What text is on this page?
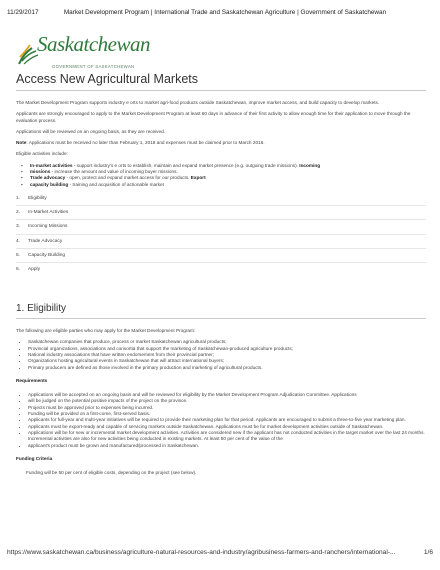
11/29/2017	Market Development Program | International Trade and Saskatchewan Agriculture | Government of Saskatchewan
Saskatchewan
GOVERNMENT OF SASKATCHEWAN
Access New Agricultural Markets

The Market Development Program supports industry e orts to market agri-food products outside Saskatchewan, improve market access, and build capacity to develop markets.

Applicants are strongly encouraged to apply to the Market Development Program at least 60 days in advance of their first activity to allow enough time for their application to move through the evaluation process.

Applications will be reviewed on an ongoing basis, as they are received.

Note: Applications must be received no later than February 1, 2018 and expenses must be claimed prior to March 2018.

Eligible activities include:

▪ In-market activities - support industry's e orts to establish, maintain and expand market presence (e.g. outgoing trade missions). Incoming
▪ missions - increase the amount and value of incoming buyer missions.
▪ Trade advocacy - open, protect and expand market access for our products. Export
▪ capacity building - training and acquisition of actionable market
1. Eligibility
2. In-Market Activities
3. Incoming Missions
4. Trade Advocacy
5. Capacity Building
6. Apply
1. Eligibility

The following are eligible parties who may apply for the Market Development Program:

• Saskatchewan companies that produce, process or market Saskatchewan agricultural products;
• Provincial organizations, associations and consortia that support the marketing of Saskatchewan-produced agriculture products;
• National industry associations that have written endorsement from their provincial partner;
• Organizations hosting agricultural events in Saskatchewan that will attract international buyers;
• Primary producers are defined as those involved in the primary production and marketing of agricultural products.
Requirements
• Applications will be accepted on an ongoing basis and will be reviewed for eligibility by the Market Development Program Adjudication Committee. Applications
• will be judged on the potential positive impacts of the project on the province.
• Projects must be approved prior to expenses being incurred.
• Funding will be provided on a first-come, first-served basis.
• Applicants for full-year and multi-year initiatives will be required to provide their marketing plan for that period. Applicants are encouraged to submit a three-to-five year marketing plan.
• Applicants must be export-ready and capable of servicing markets outside Saskatchewan. Applications must be for market development activities outside of Saskatchewan.
• Applications will be for new or incremental market development activities. Activities are considered new if the applicant has not conducted activities in the target market over the last 24 months. Incremental activities are also for new activities being conducted in existing markets. At least 50 per cent of the value of the
• applicant's product must be grown and manufactured/processed in Saskatchewan.
Funding Criteria

Funding will be 50 per cent of eligible costs, depending on the project (see below).

https://www.saskatchewan.ca/business/agriculture-natural-resources-and-industry/agribusiness-farmers-and-ranchers/international-...	1/6
